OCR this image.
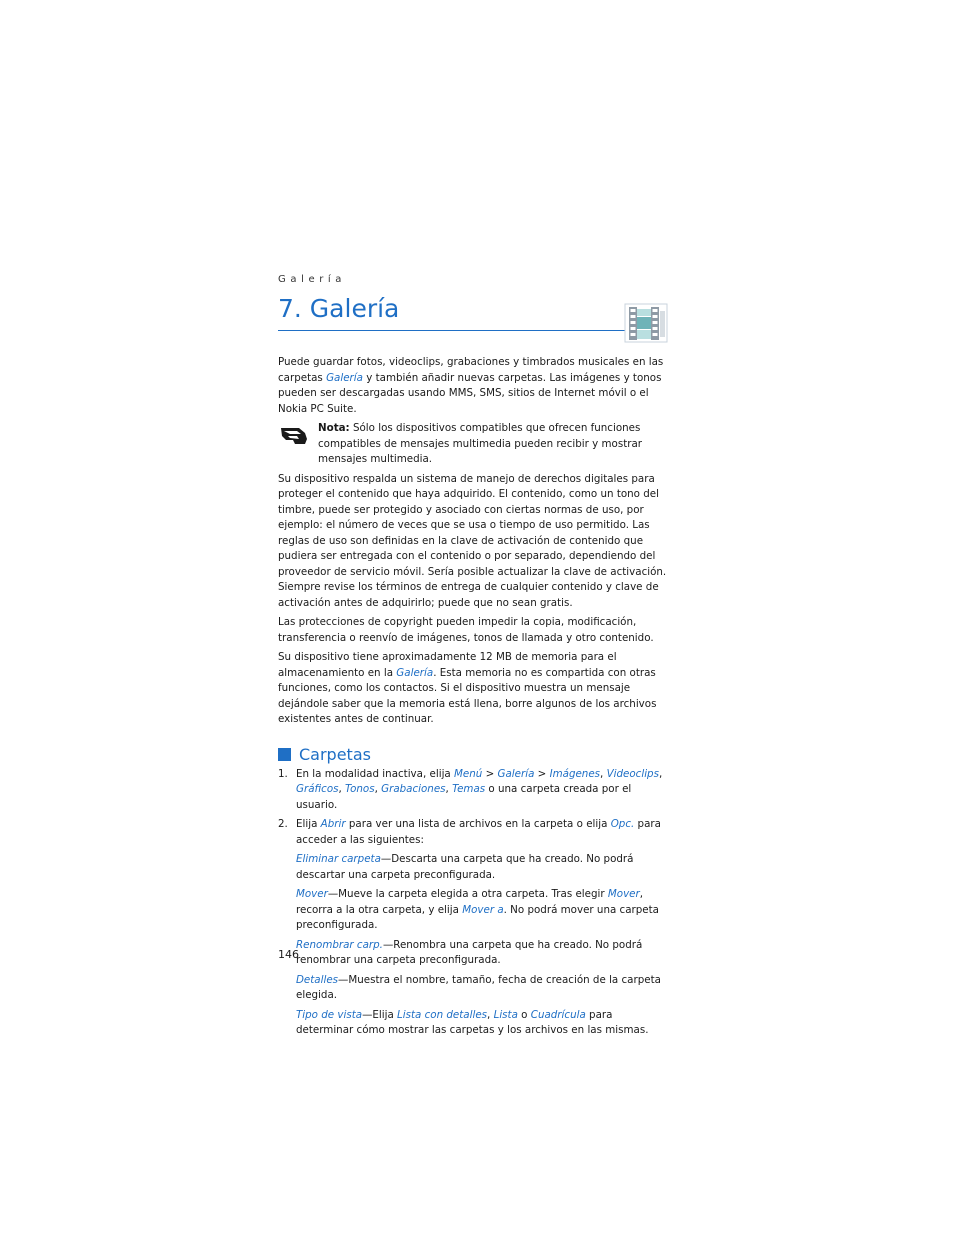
Galería
7. Galería

Puede guardar fotos, videoclips, grabaciones y timbrados musicales en las carpetas Galería y también añadir nuevas carpetas. Las imágenes y tonos pueden ser descargadas usando MMS, SMS, sitios de Internet móvil o el Nokia PC Suite.

Nota: Sólo los dispositivos compatibles que ofrecen funciones compatibles de mensajes multimedia pueden recibir y mostrar mensajes multimedia.

Su dispositivo respalda un sistema de manejo de derechos digitales para proteger el contenido que haya adquirido. El contenido, como un tono del timbre, puede ser protegido y asociado con ciertas normas de uso, por ejemplo: el número de veces que se usa o tiempo de uso permitido. Las reglas de uso son definidas en la clave de activación de contenido que pudiera ser entregada con el contenido o por separado, dependiendo del proveedor de servicio móvil. Sería posible actualizar la clave de activación. Siempre revise los términos de entrega de cualquier contenido y clave de activación antes de adquirirlo; puede que no sean gratis.

Las protecciones de copyright pueden impedir la copia, modificación, transferencia o reenvío de imágenes, tonos de llamada y otro contenido.

Su dispositivo tiene aproximadamente 12 MB de memoria para el almacenamiento en la Galería. Esta memoria no es compartida con otras funciones, como los contactos. Si el dispositivo muestra un mensaje dejándole saber que la memoria está llena, borre algunos de los archivos existentes antes de continuar.

Carpetas
1. En la modalidad inactiva, elija Menú > Galería > Imágenes, Videoclips, Gráficos, Tonos, Grabaciones, Temas o una carpeta creada por el usuario.
2. Elija Abrir para ver una lista de archivos en la carpeta o elija Opc. para acceder a las siguientes:

Eliminar carpeta—Descarta una carpeta que ha creado. No podrá descartar una carpeta preconfigurada.

Mover—Mueve la carpeta elegida a otra carpeta. Tras elegir Mover, recorra a la otra carpeta, y elija Mover a. No podrá mover una carpeta preconfigurada.

Renombrar carp.—Renombra una carpeta que ha creado. No podrá renombrar una carpeta preconfigurada.

Detalles—Muestra el nombre, tamaño, fecha de creación de la carpeta elegida.

Tipo de vista—Elija Lista con detalles, Lista o Cuadrícula para determinar cómo mostrar las carpetas y los archivos en las mismas.

146
